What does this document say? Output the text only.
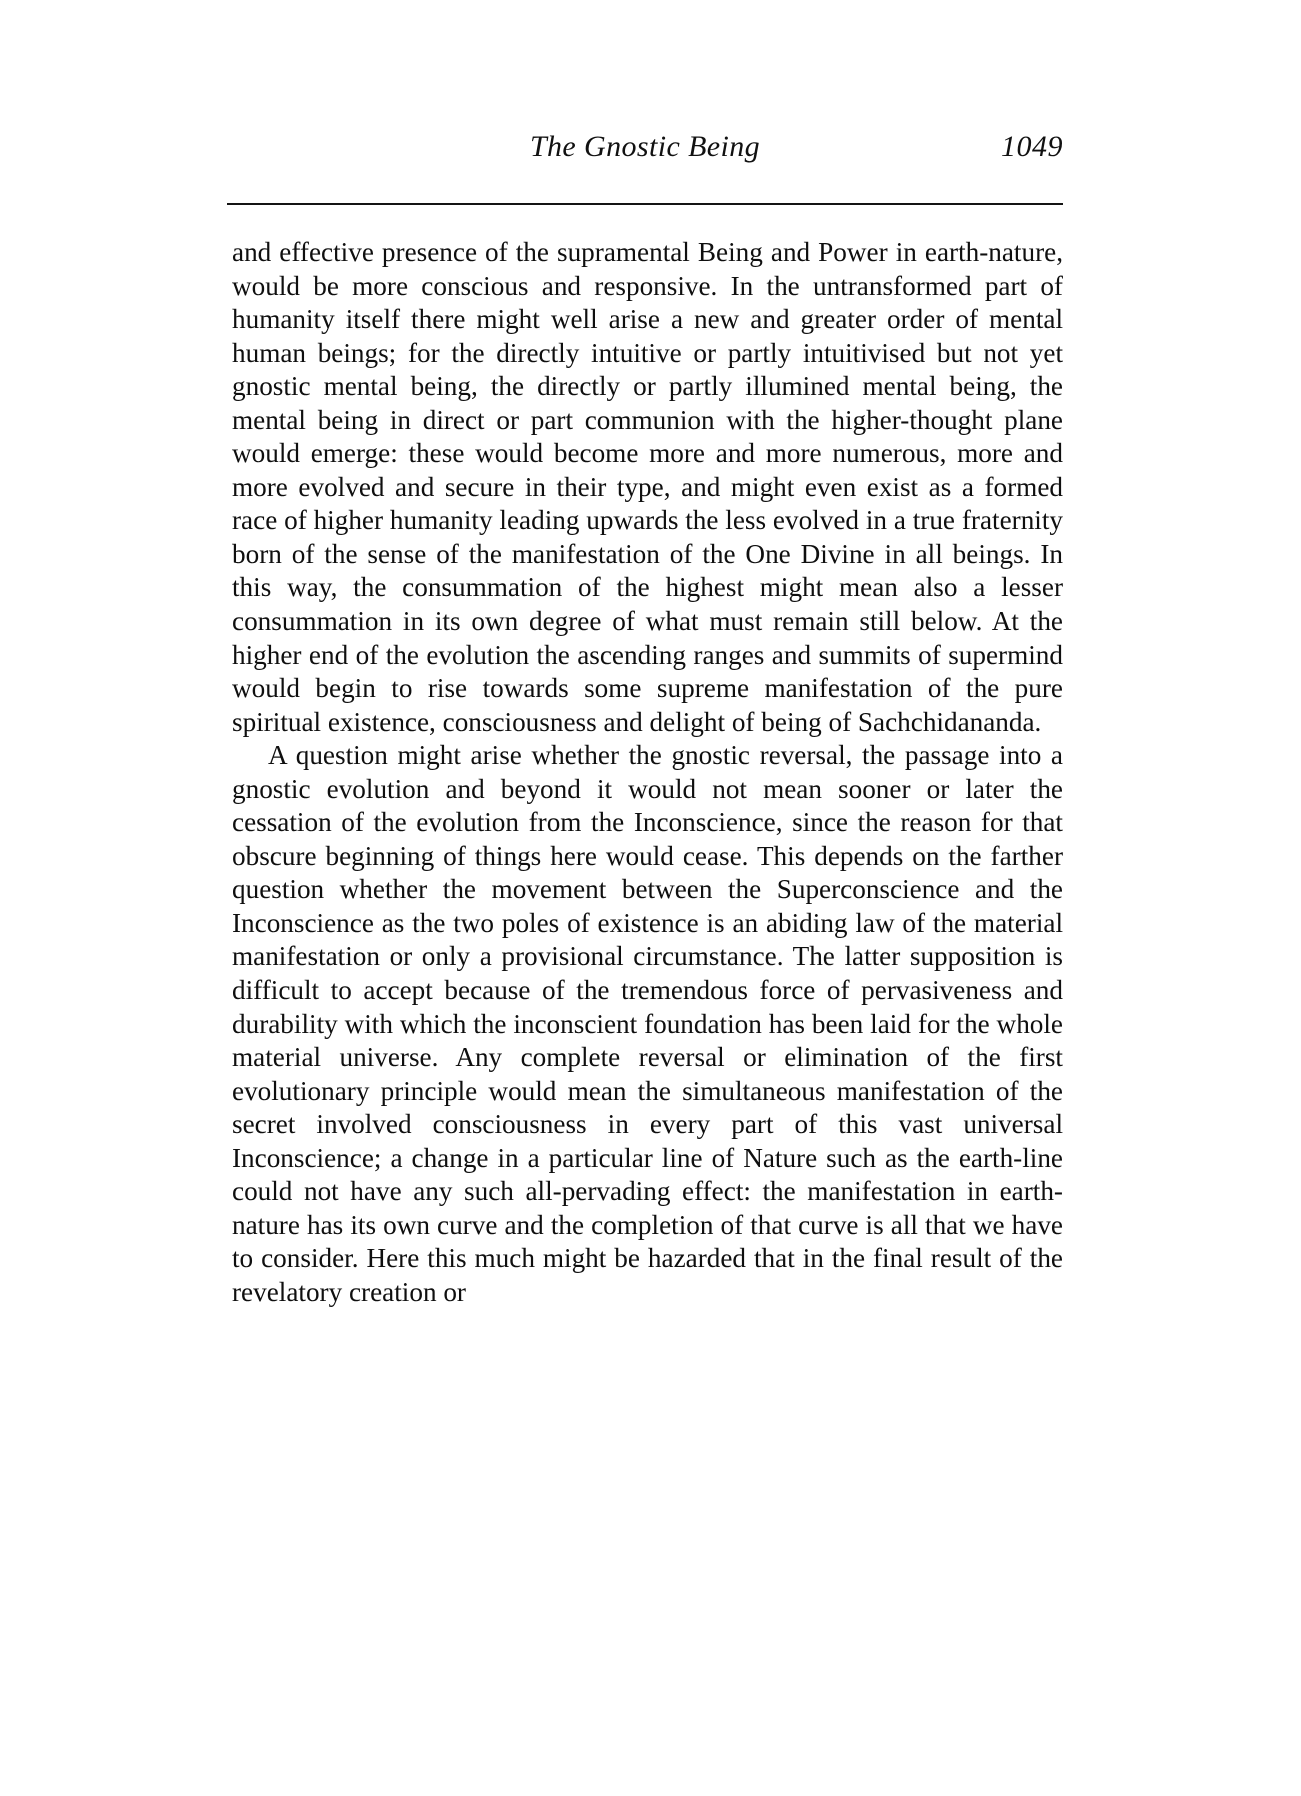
The Gnostic Being	1049

and effective presence of the supramental Being and Power in earth-nature, would be more conscious and responsive. In the untransformed part of humanity itself there might well arise a new and greater order of mental human beings; for the directly intuitive or partly intuitivised but not yet gnostic mental being, the directly or partly illumined mental being, the mental being in direct or part communion with the higher-thought plane would emerge: these would become more and more numerous, more and more evolved and secure in their type, and might even exist as a formed race of higher humanity leading upwards the less evolved in a true fraternity born of the sense of the manifestation of the One Divine in all beings. In this way, the consummation of the highest might mean also a lesser consummation in its own degree of what must remain still below. At the higher end of the evolution the ascending ranges and summits of supermind would begin to rise towards some supreme manifestation of the pure spiritual existence, consciousness and delight of being of Sachchidananda.

A question might arise whether the gnostic reversal, the passage into a gnostic evolution and beyond it would not mean sooner or later the cessation of the evolution from the Inconscience, since the reason for that obscure beginning of things here would cease. This depends on the farther question whether the movement between the Superconscience and the Inconscience as the two poles of existence is an abiding law of the material manifestation or only a provisional circumstance. The latter supposition is difficult to accept because of the tremendous force of pervasiveness and durability with which the inconscient foundation has been laid for the whole material universe. Any complete reversal or elimination of the first evolutionary principle would mean the simultaneous manifestation of the secret involved consciousness in every part of this vast universal Inconscience; a change in a particular line of Nature such as the earth-line could not have any such all-pervading effect: the manifestation in earth-nature has its own curve and the completion of that curve is all that we have to consider. Here this much might be hazarded that in the final result of the revelatory creation or
